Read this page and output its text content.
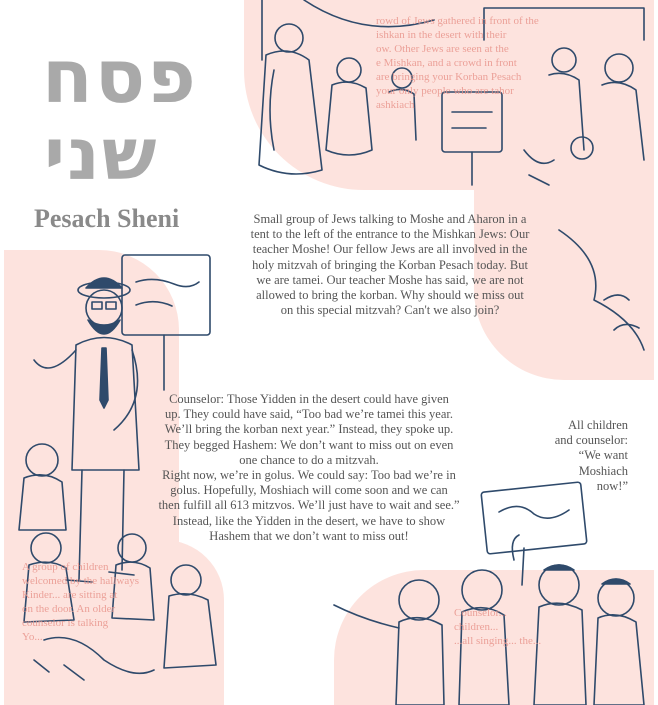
פסח
שני
Pesach Sheni
rowd of Jews gathered in front of the
ishkan in the desert with their
ow. Other Jews are seen at the
e Mishkan, and a crowd in front
are bringing your Korban Pesach
your only people who are tahor
ashkiach
A group of children
welcomed by the hallways
Kinder... are sitting at
on the door. An older
counselor is talking
Yo...
Counselor...
children...
...all singing... the...
Small group of Jews talking to Moshe and Aharon in a tent to the left of the entrance to the Mishkan Jews: Our teacher Moshe! Our fellow Jews are all involved in the holy mitzvah of bringing the Korban Pesach today. But we are tamei. Our teacher Moshe has said, we are not allowed to bring the korban. Why should we miss out on this special mitzvah? Can't we also join?
Counselor: Those Yidden in the desert could have given
up. They could have said, “Too bad we’re tamei this year.
We’ll bring the korban next year.” Instead, they spoke up.
They begged Hashem: We don’t want to miss out on even
one chance to do a mitzvah.
Right now, we’re in golus. We could say: Too bad we’re in
golus. Hopefully, Moshiach will come soon and we can
then fulfill all 613 mitzvos. We’ll just have to wait and see.”
Instead, like the Yidden in the desert, we have to show
Hashem that we don’t want to miss out!
All children
and counselor:
“We want
Moshiach
now!”
